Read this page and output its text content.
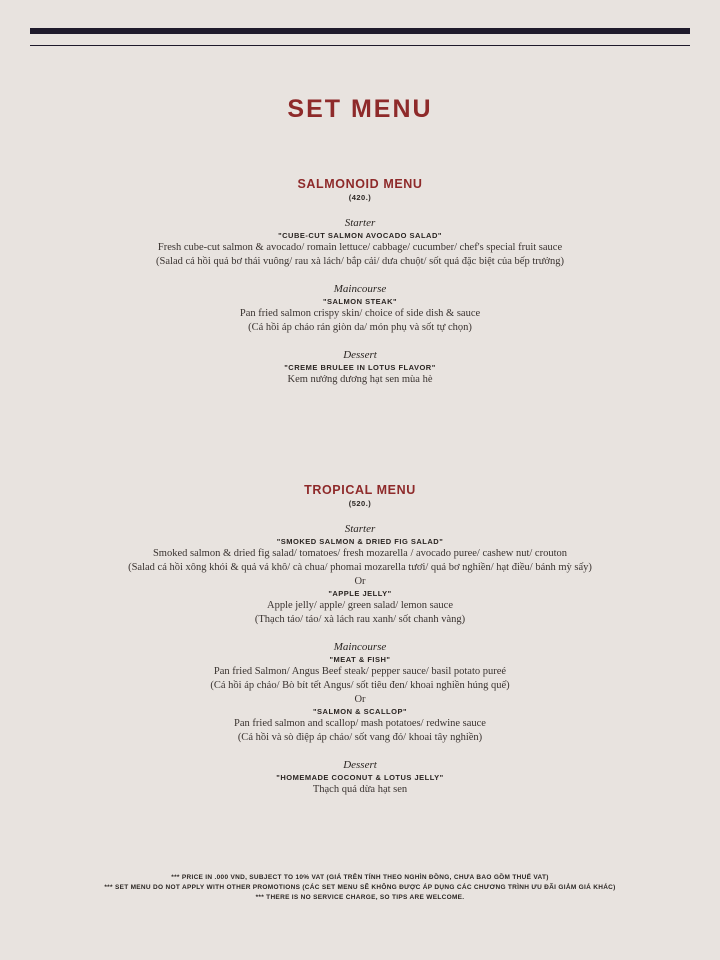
SET MENU
SALMONOID MENU
(420.)
Starter
"CUBE-CUT SALMON AVOCADO SALAD"
Fresh cube-cut salmon & avocado/ romain lettuce/ cabbage/ cucumber/ chef's special fruit sauce
(Salad cá hồi quả bơ thái vuông/ rau xà lách/ bắp cải/ dưa chuột/ sốt quả đặc biệt của bếp trưởng)
Maincourse
"SALMON STEAK"
Pan fried salmon crispy skin/ choice of side dish & sauce
(Cá hồi áp chảo rán giòn da/ món phụ và sốt tự chọn)
Dessert
"CREME BRULEE IN LOTUS FLAVOR"
Kem nướng dương hạt sen mùa hè
TROPICAL MENU
(520.)
Starter
"SMOKED SALMON & DRIED FIG SALAD"
Smoked salmon & dried fig salad/ tomatoes/ fresh mozarella / avocado puree/ cashew nut/ crouton
(Salad cá hồi xông khói & quả vả khô/ cà chua/ phomai mozarella tươi/ quả bơ nghiền/ hạt điều/ bánh mỳ sấy)
Or
"APPLE JELLY"
Apple jelly/ apple/ green salad/ lemon sauce
(Thạch táo/ táo/ xà lách rau xanh/ sốt chanh vàng)
Maincourse
"MEAT & FISH"
Pan fried Salmon/ Angus Beef steak/ pepper sauce/ basil potato pureé
(Cá hồi áp chảo/ Bò bít tết Angus/ sốt tiêu đen/ khoai nghiền húng quế)
Or
"SALMON & SCALLOP"
Pan fried salmon and scallop/ mash potatoes/ redwine sauce
(Cá hồi và sò điệp áp chảo/ sốt vang đỏ/ khoai tây nghiền)
Dessert
"HOMEMADE COCONUT & LOTUS JELLY"
Thạch quả dừa hạt sen
*** PRICE IN .000 VND, SUBJECT TO 10% VAT (GIÁ TRÊN TÍNH THEO NGHÌN ĐỒNG, CHƯA BAO GỒM THUẾ VAT)
*** SET MENU DO NOT APPLY WITH OTHER PROMOTIONS (CÁC SET MENU SẼ KHÔNG ĐƯỢC ÁP DỤNG CÁC CHƯƠNG TRÌNH ƯU ĐÃI GIẢM GIÁ KHÁC)
*** THERE IS NO SERVICE CHARGE, SO TIPS ARE WELCOME.
